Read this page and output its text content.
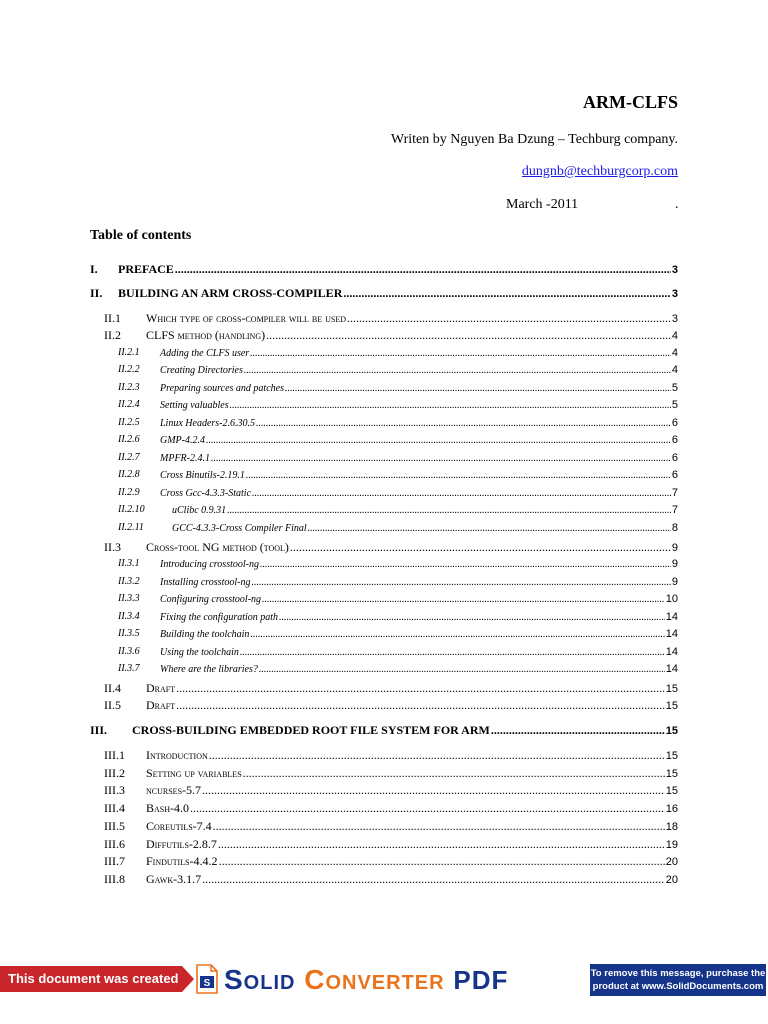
ARM-CLFS
Writen by Nguyen Ba Dzung – Techburg company.
dungnb@techburgcorp.com
March -2011	.
Table of contents
I. PREFACE .....	3
II. BUILDING AN ARM CROSS-COMPILER .....	3
II.1 Which type of cross-compiler will be used .....	3
II.2 CLFS method (handling) .....	4
II.2.1 Adding the CLFS user .....	4
II.2.2 Creating Directories .....	4
II.2.3 Preparing sources and patches .....	5
II.2.4 Setting valuables .....	5
II.2.5 Linux Headers-2.6.30.5 .....	6
II.2.6 GMP-4.2.4 .....	6
II.2.7 MPFR-2.4.1 .....	6
II.2.8 Cross Binutils-2.19.1 .....	6
II.2.9 Cross Gcc-4.3.3-Static .....	7
II.2.10	uClibc 0.9.31 .....	7
II.2.11	GCC-4.3.3-Cross Compiler Final .....	8
II.3 Cross-tool NG method (tool) .....	9
II.3.1 Introducing crosstool-ng .....	9
II.3.2 Installing crosstool-ng .....	9
II.3.3 Configuring crosstool-ng .....	10
II.3.4 Fixing the configuration path .....	14
II.3.5 Building the toolchain .....	14
II.3.6 Using the toolchain .....	14
II.3.7 Where are the libraries? .....	14
II.4 Draft .....	15
II.5 Draft .....	15
III. CROSS-BUILDING EMBEDDED ROOT FILE SYSTEM FOR ARM .....	15
III.1 Introduction .....	15
III.2 Setting up variables .....	15
III.3 ncurses-5.7 .....	15
III.4 Bash-4.0 .....	16
III.5 Coreutils-7.4 .....	18
III.6 Diffutils-2.8.7 .....	19
III.7 Findutils-4.4.2 .....	20
III.8 Gawk-3.1.7 .....	20
This document was created using
S Solid Converter PDF	To remove this message, purchase the
product at www.SolidDocuments.com
